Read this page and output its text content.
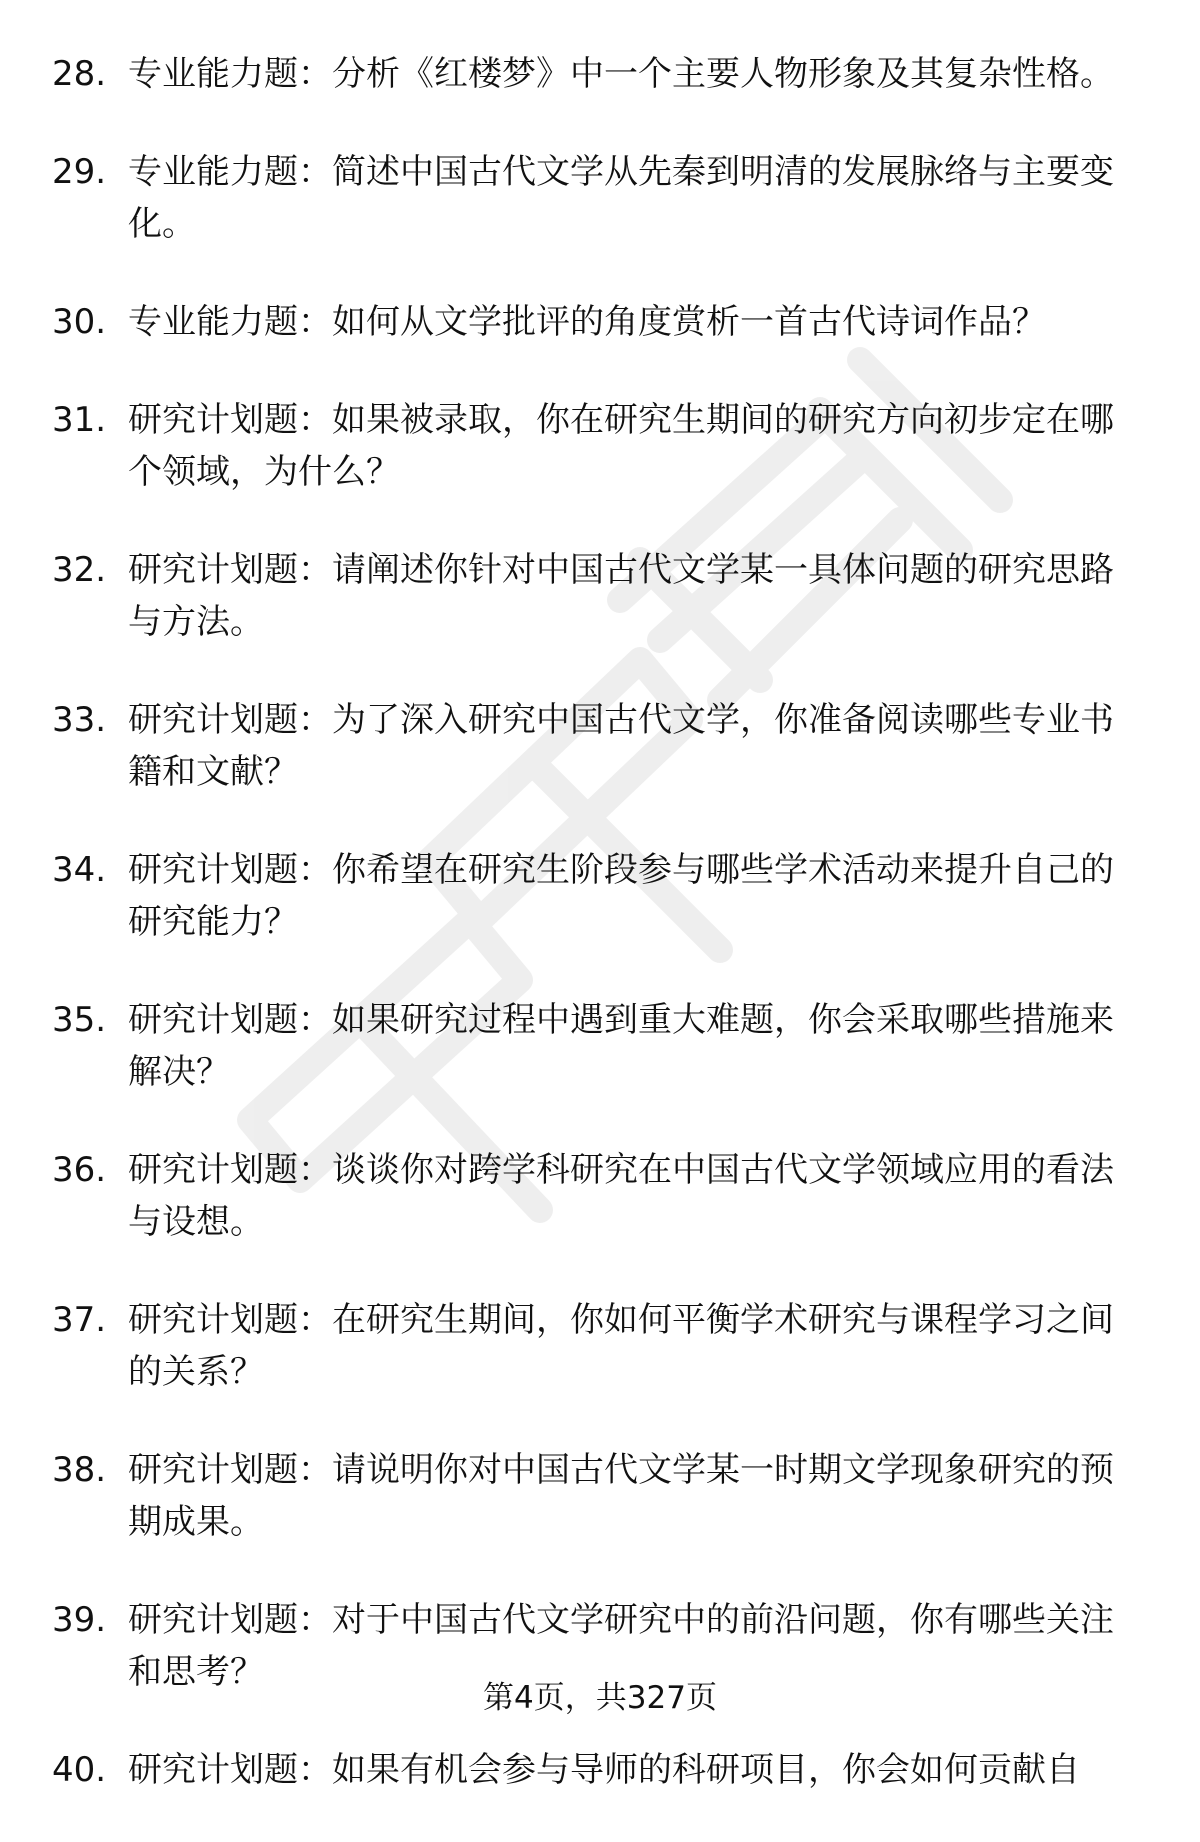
28. 专业能力题：分析《红楼梦》中一个主要人物形象及其复杂性格。
29. 专业能力题：简述中国古代文学从先秦到明清的发展脉络与主要变化。
30. 专业能力题：如何从文学批评的角度赏析一首古代诗词作品？
31. 研究计划题：如果被录取，你在研究生期间的研究方向初步定在哪个领域，为什么？
32. 研究计划题：请阐述你针对中国古代文学某一具体问题的研究思路与方法。
33. 研究计划题：为了深入研究中国古代文学，你准备阅读哪些专业书籍和文献？
34. 研究计划题：你希望在研究生阶段参与哪些学术活动来提升自己的研究能力？
35. 研究计划题：如果研究过程中遇到重大难题，你会采取哪些措施来解决？
36. 研究计划题：谈谈你对跨学科研究在中国古代文学领域应用的看法与设想。
37. 研究计划题：在研究生期间，你如何平衡学术研究与课程学习之间的关系？
38. 研究计划题：请说明你对中国古代文学某一时期文学现象研究的预期成果。
39. 研究计划题：对于中国古代文学研究中的前沿问题，你有哪些关注和思考？
40. 研究计划题：如果有机会参与导师的科研项目，你会如何贡献自
第4页，共327页
